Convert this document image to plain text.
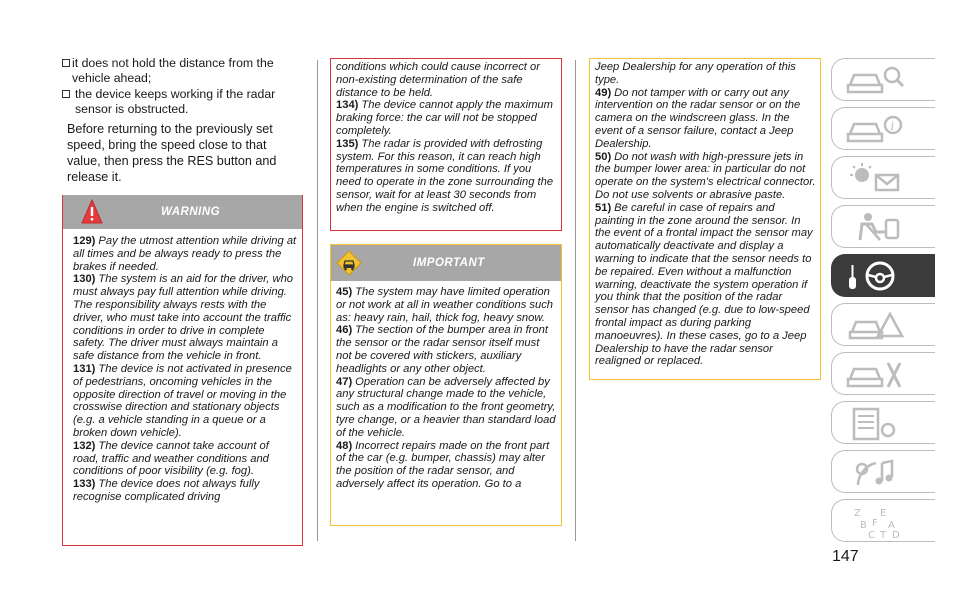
it does not hold the distance from the vehicle ahead;
the device keeps working if the radar sensor is obstructed.

Before returning to the previously set speed, bring the speed close to that value, then press the RES button and release it.

WARNING

129) Pay the utmost attention while driving at all times and be always ready to press the brakes if needed.

130) The system is an aid for the driver, who must always pay full attention while driving. The responsibility always rests with the driver, who must take into account the traffic conditions in order to drive in complete safety. The driver must always maintain a safe distance from the vehicle in front.

131) The device is not activated in presence of pedestrians, oncoming vehicles in the opposite direction of travel or moving in the crosswise direction and stationary objects (e.g. a vehicle standing in a queue or a broken down vehicle).

132) The device cannot take account of road, traffic and weather conditions and conditions of poor visibility (e.g. fog).

133) The device does not always fully recognise complicated driving

conditions which could cause incorrect or non-existing determination of the safe distance to be held.

134) The device cannot apply the maximum braking force: the car will not be stopped completely.

135) The radar is provided with defrosting system. For this reason, it can reach high temperatures in some conditions. If you need to operate in the zone surrounding the sensor, wait for at least 30 seconds from when the engine is switched off.

IMPORTANT

45) The system may have limited operation or not work at all in weather conditions such as: heavy rain, hail, thick fog, heavy snow.

46) The section of the bumper area in front the sensor or the radar sensor itself must not be covered with stickers, auxiliary headlights or any other object.

47) Operation can be adversely affected by any structural change made to the vehicle, such as a modification to the front geometry, tyre change, or a heavier than standard load of the vehicle.

48) Incorrect repairs made on the front part of the car (e.g. bumper, chassis) may alter the position of the radar sensor, and adversely affect its operation. Go to a

Jeep Dealership for any operation of this type.

49) Do not tamper with or carry out any intervention on the radar sensor or on the camera on the windscreen glass. In the event of a sensor failure, contact a Jeep Dealership.

50) Do not wash with high-pressure jets in the bumper lower area: in particular do not operate on the system's electrical connector. Do not use solvents or abrasive paste.

51) Be careful in case of repairs and painting in the zone around the sensor. In the event of a frontal impact the sensor may automatically deactivate and display a warning to indicate that the sensor needs to be repaired. Even without a malfunction warning, deactivate the system operation if you think that the position of the radar sensor has changed (e.g. due to low-speed frontal impact as during parking manoeuvres). In these cases, go to a Jeep Dealership to have the radar sensor realigned or replaced.

i
Z E
B F A
C T D
147
